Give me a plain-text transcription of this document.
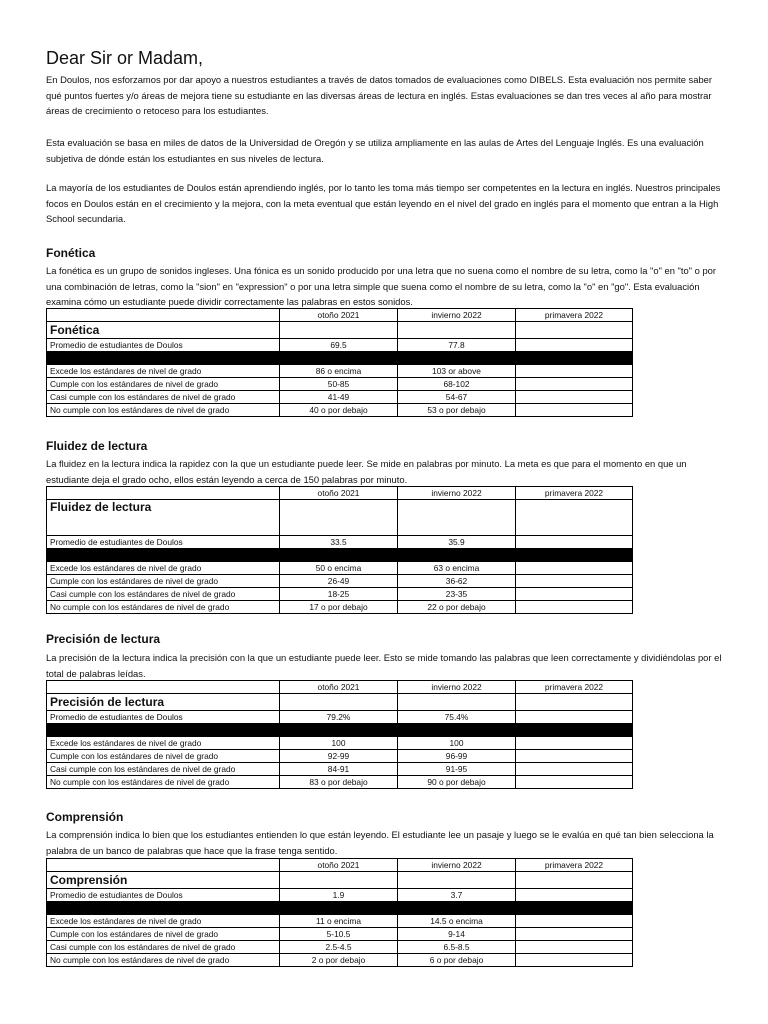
Dear Sir or Madam,

En Doulos, nos esforzamos por dar apoyo a nuestros estudiantes a través de datos tomados de evaluaciones como DIBELS. Esta evaluación nos permite saber qué puntos fuertes y/o áreas de mejora tiene su estudiante en las diversas áreas de lectura en inglés. Estas evaluaciones se dan tres veces al año para mostrar áreas de crecimiento o retoceso para los estudiantes.

Esta evaluación se basa en miles de datos de la Universidad de Oregón y se utiliza ampliamente en las aulas de Artes del Lenguaje Inglés. Es una evaluación subjetiva de dónde están los estudiantes en sus niveles de lectura.

La mayoría de los estudiantes de Doulos están aprendiendo inglés, por lo tanto les toma más tiempo ser competentes en la lectura en inglés. Nuestros principales focos en Doulos están en el crecimiento y la mejora, con la meta eventual que están leyendo en el nivel del grado en inglés para el momento que entran a la High School secundaria.

Fonética

La fonética es un grupo de sonidos ingleses. Una fónica es un sonido producido por una letra que no suena como el nombre de su letra, como la "o" en "to" o por una combinación de letras, como la "sion" en "expression" o por una letra simple que suena como el nombre de su letra, como la "o" en "go". Esta evaluación examina cómo un estudiante puede dividir correctamente las palabras en estos sonidos.

	otoño 2021	invierno 2022	primavera 2022
Fonética			
Promedio de estudiantes de Doulos	69.5	77.8	

Excede los estándares de nivel de grado	86 o encima	103 or above	
Cumple con los estándares de nivel de grado	50-85	68-102	
Casi cumple con los estándares de nivel de grado	41-49	54-67	
No cumple con los estándares de nivel de grado	40 o por debajo	53 o por debajo	
Fluidez de lectura

La fluidez en la lectura indica la rapidez con la que un estudiante puede leer. Se mide en palabras por minuto. La meta es que para el momento en que un estudiante deja el grado ocho, ellos están leyendo a cerca de 150 palabras por minuto.

	otoño 2021	invierno 2022	primavera 2022
Fluidez de lectura			
Promedio de estudiantes de Doulos	33.5	35.9	

Excede los estándares de nivel de grado	50 o encima	63 o encima	
Cumple con los estándares de nivel de grado	26-49	36-62	
Casi cumple con los estándares de nivel de grado	18-25	23-35	
No cumple con los estándares de nivel de grado	17 o por debajo	22 o por debajo	
Precisión de lectura

La precisión de la lectura indica la precisión con la que un estudiante puede leer. Esto se mide tomando las palabras que leen correctamente y dividiéndolas por el total de palabras leídas.

	otoño 2021	invierno 2022	primavera 2022
Precisión de lectura			
Promedio de estudiantes de Doulos	79.2%	75.4%	

Excede los estándares de nivel de grado	100	100	
Cumple con los estándares de nivel de grado	92-99	96-99	
Casi cumple con los estándares de nivel de grado	84-91	91-95	
No cumple con los estándares de nivel de grado	83 o por debajo	90 o por debajo	
Comprensión

La comprensión indica lo bien que los estudiantes entienden lo que están leyendo. El estudiante lee un pasaje y luego se le evalúa en qué tan bien selecciona la palabra de un banco de palabras que hace que la frase tenga sentido.

	otoño 2021	invierno 2022	primavera 2022
Comprensión			
Promedio de estudiantes de Doulos	1.9	3.7	

Excede los estándares de nivel de grado	11 o encima	14.5 o encima	
Cumple con los estándares de nivel de grado	5-10.5	9-14	
Casi cumple con los estándares de nivel de grado	2.5-4.5	6.5-8.5	
No cumple con los estándares de nivel de grado	2 o por debajo	6 o por debajo	
